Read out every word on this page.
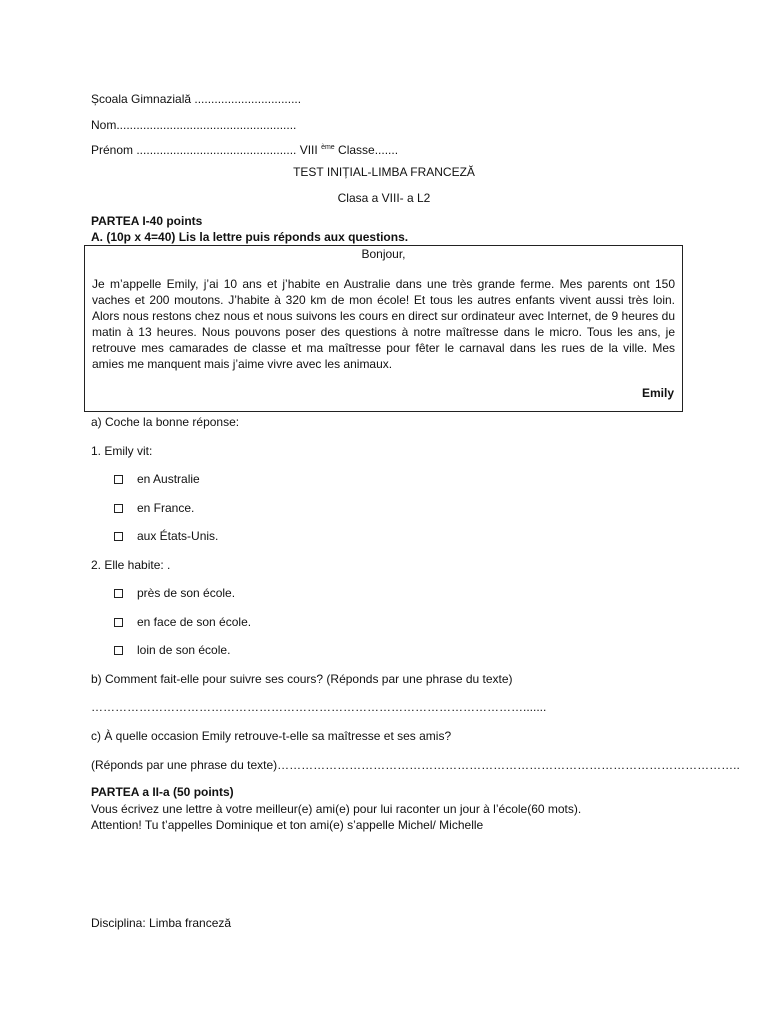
Școala Gimnazială ................................
Nom......................................................
Prénom ................................................ VIII $^{ème}$ Classe.......
TEST INIȚIAL-LIMBA FRANCEZĂ
Clasa a VIII- a L2
PARTEA I-40 points
A. (10p x 4=40) Lis la lettre puis réponds aux questions.
Bonjour,
Je m’appelle Emily, j’ai 10 ans et j’habite en Australie dans une très grande ferme. Mes parents ont 150 vaches et 200 moutons. J’habite à 320 km de mon école! Et tous les autres enfants vivent aussi très loin. Alors nous restons chez nous et nous suivons les cours en direct sur ordinateur avec Internet, de 9 heures du matin à 13 heures. Nous pouvons poser des questions à notre maîtresse dans le micro. Tous les ans, je retrouve mes camarades de classe et ma maîtresse pour fêter le carnaval dans les rues de la ville. Mes amies me manquent mais j’aime vivre avec les animaux.
Emily
a) Coche la bonne réponse:
1. Emily vit:
en Australie
en France.
aux États-Unis.
2. Elle habite: .
près de son école.
en face de son école.
loin de son école.
b) Comment fait-elle pour suivre ses cours? (Réponds par une phrase du texte)
……………………………………………………………………………………………….......
c) À quelle occasion Emily retrouve-t-elle sa maîtresse et ses amis?
(Réponds par une phrase du texte)……………………………………………………………………………………………………..
PARTEA a II-a (50 points)
Vous écrivez une lettre à votre meilleur(e) ami(e) pour lui raconter un jour à l’école(60 mots).
Attention! Tu t’appelles Dominique et ton ami(e) s’appelle Michel/ Michelle
Disciplina: Limba franceză
